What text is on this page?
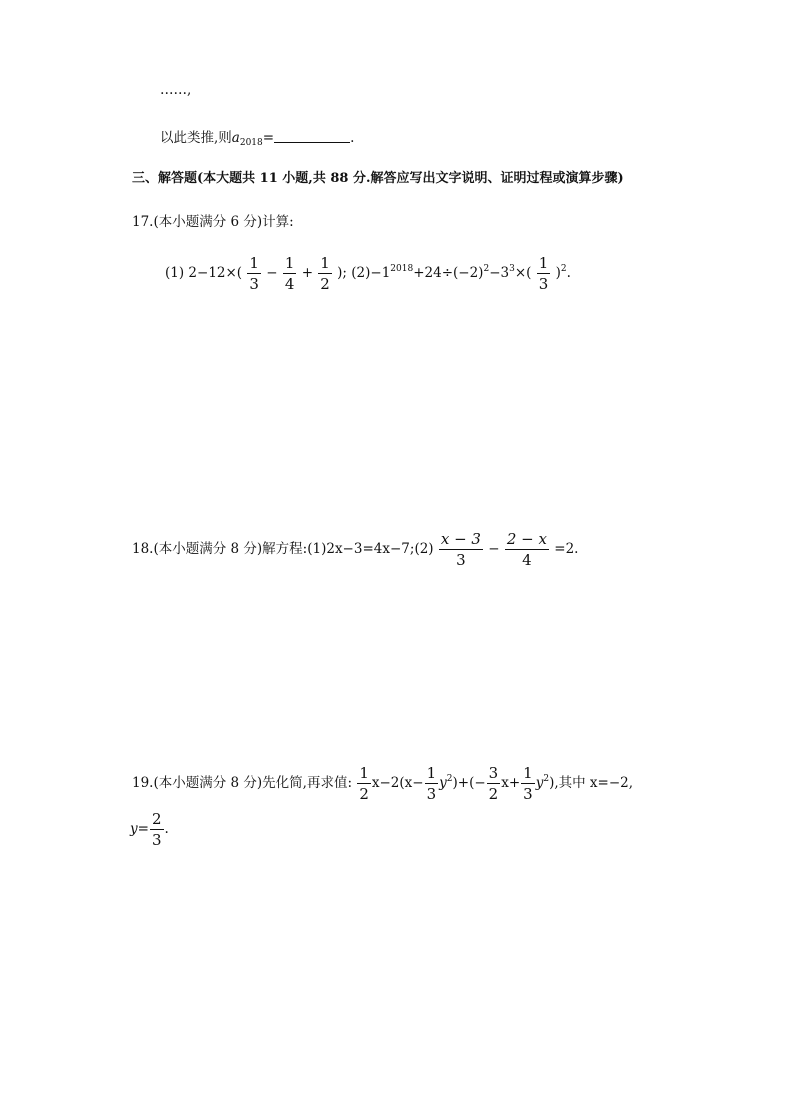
……,
以此类推,则$a_{2018}=$	.
三、解答题(本大题共 11 小题,共 88 分.解答应写出文字说明、证明过程或演算步骤)
17.(本小题满分 6 分)计算:
(1) $2-12\times( \frac{1}{3} - \frac{1}{4} + \frac{1}{2}$ ); $(2)-1^{2018}+24\div(-2)^2-3^3\times( \frac{1}{3} )^2$.
18.(本小题满分 8 分)解方程:(1)2x−3=4x−7;(2) $\frac{x - 3}{3} - \frac{2 - x}{4} =2$.
19.(本小题满分 8 分)先化简,再求值: $\frac{1}{2} x-2(x- \frac{1}{3} y^2)+(- \frac{3}{2} x+ \frac{1}{3} y^2)$,其中 x=−2,
$y= \frac{2}{3}$ .
